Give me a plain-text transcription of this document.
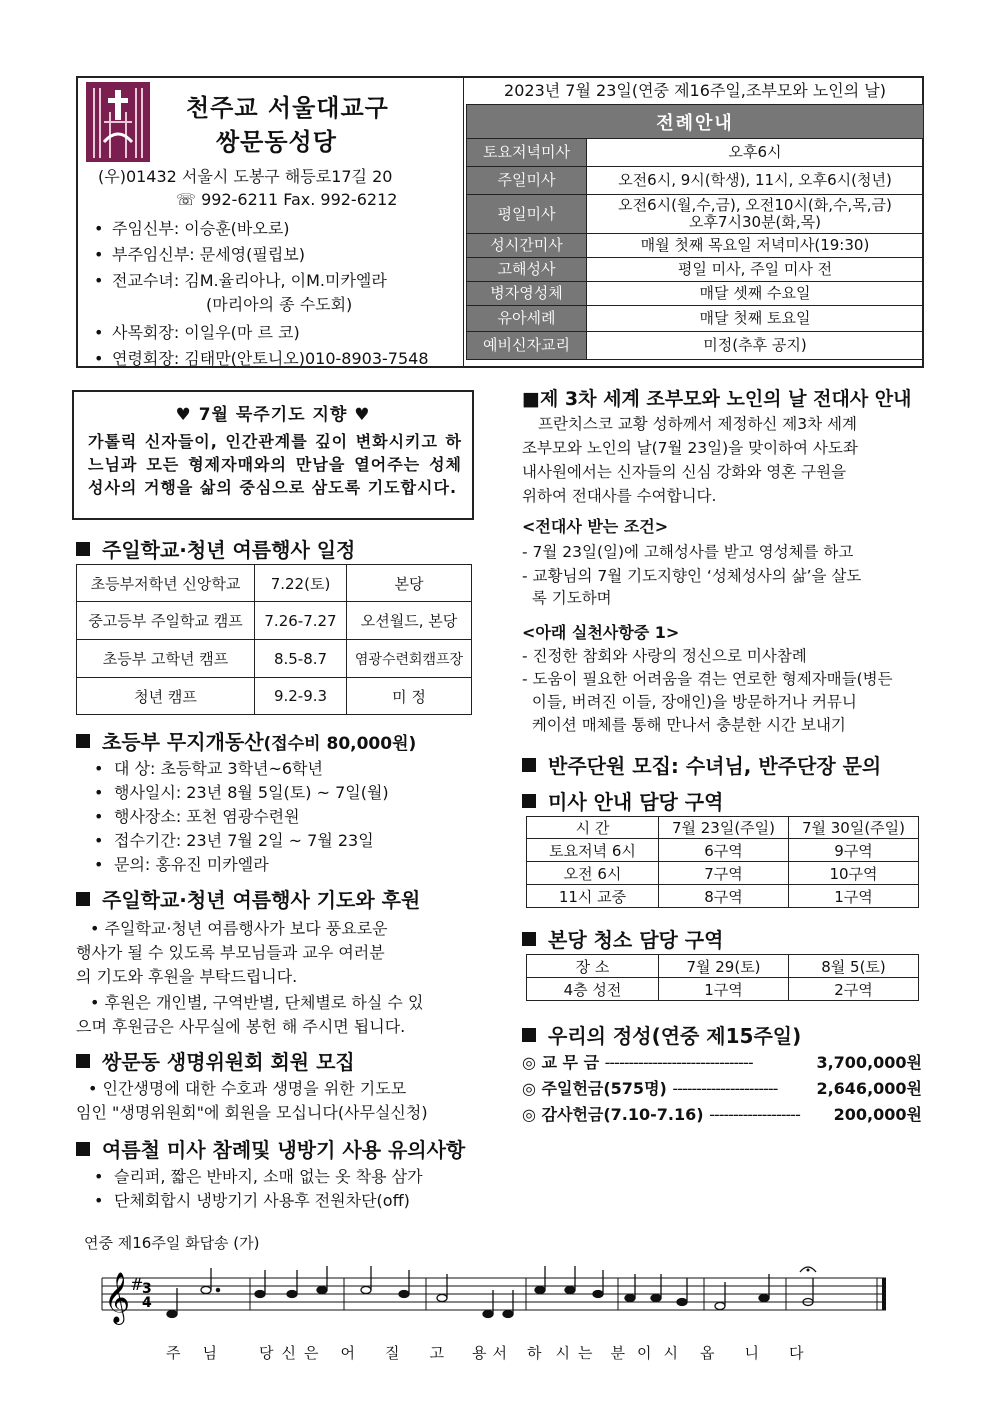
천주교 서울대교구
쌍문동성당
(우)01432 서울시 도봉구 해등로17길 20
☏ 992-6211 Fax. 992-6212
• 주임신부: 이승훈(바오로)
• 부주임신부: 문세영(필립보)
• 전교수녀: 김M.율리아나, 이M.미카엘라
(마리아의 종 수도회)
• 사목회장: 이일우(마 르 코)
• 연령회장: 김태만(안토니오)010-8903-7548
2023년 7월 23일(연중 제16주일,조부모와 노인의 날)
전례안내	
토요저녁미사	오후6시
주일미사	오전6시, 9시(학생), 11시, 오후6시(청년)
평일미사	오전6시(월,수,금), 오전10시(화,수,목,금)
오후7시30분(화,목)

성시간미사	매월 첫째 목요일 저녁미사(19:30)
고해성사	평일 미사, 주일 미사 전
병자영성체	매달 셋째 수요일
유아세례	매달 첫째 토요일
예비신자교리	미정(추후 공지)
♥ 7월 묵주기도 지향 ♥
가톨릭 신자들이, 인간관계를 깊이 변화시키고 하느님과 모든 형제자매와의 만남을 열어주는 성체성사의 거행을 삶의 중심으로 삼도록 기도합시다.
주일학교·청년 여름행사 일정
초등부저학년 신앙학교	7.22(토)	본당
중고등부 주일학교 캠프	7.26-7.27	오션월드, 본당
초등부 고학년 캠프	8.5-8.7	염광수련회캠프장
청년 캠프	9.2-9.3	미 정
초등부 무지개동산(접수비 80,000원)
• 대 상: 초등학교 3학년~6학년
• 행사일시: 23년 8월 5일(토) ~ 7일(월)
• 행사장소: 포천 염광수련원
• 접수기간: 23년 7월 2일 ~ 7월 23일
• 문의: 홍유진 미카엘라
주일학교·청년 여름행사 기도와 후원
• 주일학교·청년 여름행사가 보다 풍요로운
행사가 될 수 있도록 부모님들과 교우 여러분
의 기도와 후원을 부탁드립니다.
• 후원은 개인별, 구역반별, 단체별로 하실 수 있
으며 후원금은 사무실에 봉헌 해 주시면 됩니다.
쌍문동 생명위원회 회원 모집
• 인간생명에 대한 수호과 생명을 위한 기도모
임인 "생명위원회"에 회원을 모십니다(사무실신청)
여름철 미사 참례및 냉방기 사용 유의사항
• 슬리퍼, 짧은 반바지, 소매 없는 옷 착용 삼가
• 단체회합시 냉방기기 사용후 전원차단(off)
■제 3차 세계 조부모와 노인의 날 전대사 안내
프란치스코 교황 성하께서 제정하신 제3차 세계
조부모와 노인의 날(7월 23일)을 맞이하여 사도좌
내사원에서는 신자들의 신심 강화와 영혼 구원을
위하여 전대사를 수여합니다.
<전대사 받는 조건>
- 7월 23일(일)에 고해성사를 받고 영성체를 하고
- 교황님의 7월 기도지향인 ‘성체성사의 삶’을 살도
록 기도하며
<아래 실천사항중 1>
- 진정한 참회와 사랑의 정신으로 미사참례
- 도움이 필요한 어려움을 겪는 연로한 형제자매들(병든
이들, 버려진 이들, 장애인)을 방문하거나 커뮤니
케이션 매체를 통해 만나서 충분한 시간 보내기
반주단원 모집: 수녀님, 반주단장 문의
미사 안내 담당 구역
시 간	7월 23일(주일)	7월 30일(주일)
토요저녁 6시	6구역	9구역
오전 6시	7구역	10구역
11시 교중	8구역	1구역
본당 청소 담당 구역
장 소	7월 29(토)	8월 5(토)
4층 성전	1구역	2구역
우리의 정성(연중 제15주일)
◎ 교 무 금 -------------------------------	3,700,000원
◎ 주일헌금(575명) ---------------------- 2,646,000원
◎ 감사헌금(7.10-7.16) ------------------- 200,000원
연중 제16주일 화답송 (가)
𝄞 #
3
4
주 님	당 신 은 어 질 고 용 서 하 시 는 분 이 시 옵 니 다
